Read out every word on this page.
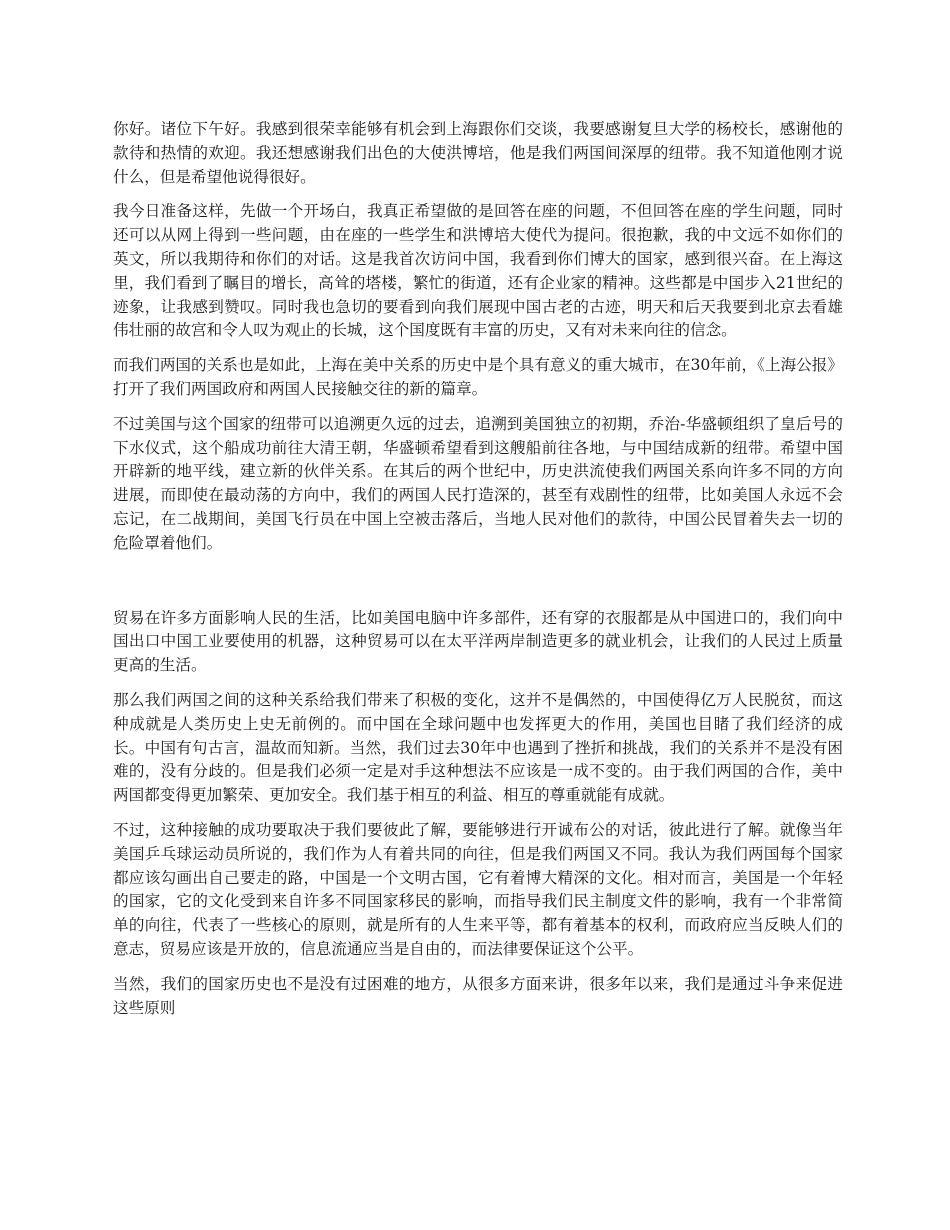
你好。诸位下午好。我感到很荣幸能够有机会到上海跟你们交谈，我要感谢复旦大学的杨校长，感谢他的款待和热情的欢迎。我还想感谢我们出色的大使洪博培，他是我们两国间深厚的纽带。我不知道他刚才说什么，但是希望他说得很好。

我今日准备这样，先做一个开场白，我真正希望做的是回答在座的问题，不但回答在座的学生问题，同时还可以从网上得到一些问题，由在座的一些学生和洪博培大使代为提问。很抱歉，我的中文远不如你们的英文，所以我期待和你们的对话。这是我首次访问中国，我看到你们博大的国家，感到很兴奋。在上海这里，我们看到了瞩目的增长，高耸的塔楼，繁忙的街道，还有企业家的精神。这些都是中国步入21世纪的迹象，让我感到赞叹。同时我也急切的要看到向我们展现中国古老的古迹，明天和后天我要到北京去看雄伟壮丽的故宫和令人叹为观止的长城，这个国度既有丰富的历史，又有对未来向往的信念。

而我们两国的关系也是如此，上海在美中关系的历史中是个具有意义的重大城市，在30年前，《上海公报》打开了我们两国政府和两国人民接触交往的新的篇章。

不过美国与这个国家的纽带可以追溯更久远的过去，追溯到美国独立的初期，乔治-华盛顿组织了皇后号的下水仪式，这个船成功前往大清王朝，华盛顿希望看到这艘船前往各地，与中国结成新的纽带。希望中国开辟新的地平线，建立新的伙伴关系。在其后的两个世纪中，历史洪流使我们两国关系向许多不同的方向进展，而即使在最动荡的方向中，我们的两国人民打造深的，甚至有戏剧性的纽带，比如美国人永远不会忘记，在二战期间，美国飞行员在中国上空被击落后，当地人民对他们的款待，中国公民冒着失去一切的危险罩着他们。

贸易在许多方面影响人民的生活，比如美国电脑中许多部件，还有穿的衣服都是从中国进口的，我们向中国出口中国工业要使用的机器，这种贸易可以在太平洋两岸制造更多的就业机会，让我们的人民过上质量更高的生活。

那么我们两国之间的这种关系给我们带来了积极的变化，这并不是偶然的，中国使得亿万人民脱贫，而这种成就是人类历史上史无前例的。而中国在全球问题中也发挥更大的作用，美国也目睹了我们经济的成长。中国有句古言，温故而知新。当然，我们过去30年中也遇到了挫折和挑战，我们的关系并不是没有困难的，没有分歧的。但是我们必须一定是对手这种想法不应该是一成不变的。由于我们两国的合作，美中两国都变得更加繁荣、更加安全。我们基于相互的利益、相互的尊重就能有成就。

不过，这种接触的成功要取决于我们要彼此了解，要能够进行开诚布公的对话，彼此进行了解。就像当年美国乒乓球运动员所说的，我们作为人有着共同的向往，但是我们两国又不同。我认为我们两国每个国家都应该勾画出自己要走的路，中国是一个文明古国，它有着博大精深的文化。相对而言，美国是一个年轻的国家，它的文化受到来自许多不同国家移民的影响，而指导我们民主制度文件的影响，我有一个非常简单的向往，代表了一些核心的原则，就是所有的人生来平等，都有着基本的权利，而政府应当反映人们的意志，贸易应该是开放的，信息流通应当是自由的，而法律要保证这个公平。

当然，我们的国家历史也不是没有过困难的地方，从很多方面来讲，很多年以来，我们是通过斗争来促进这些原则
